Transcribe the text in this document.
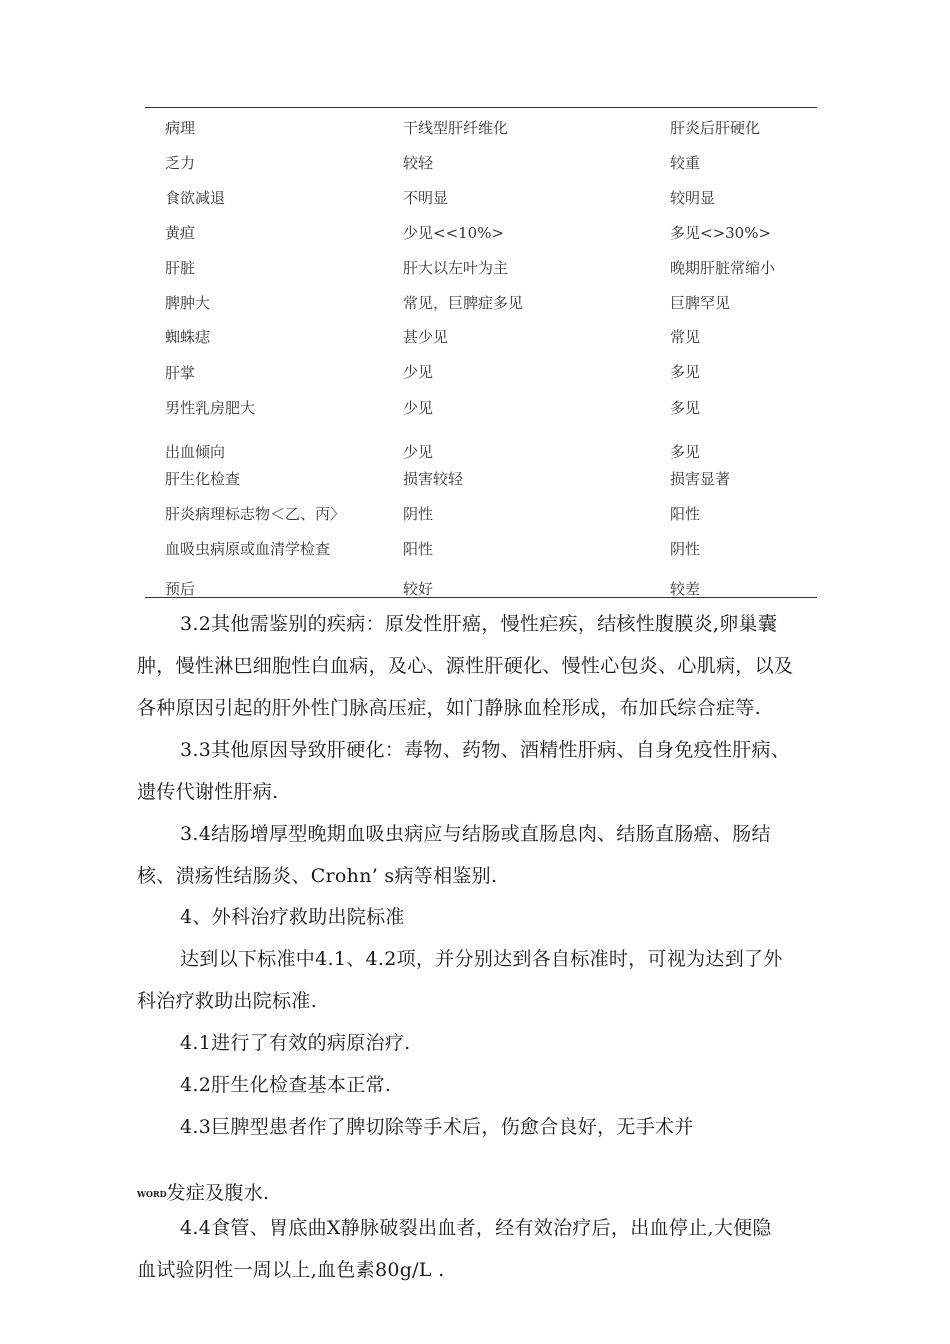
病理	干线型肝纤维化	肝炎后肝硬化
乏力	较轻	较重
食欲减退	不明显	较明显
黄疸	少见<<10%>	多见<>30%>
肝脏	肝大以左叶为主	晚期肝脏常缩小
脾肿大	常见，巨脾症多见	巨脾罕见
蜘蛛痣	甚少见	常见
肝掌	少见	多见
男性乳房肥大	少见	多见
出血倾向	少见	多见
肝生化检查	损害较轻	损害显著
肝炎病理标志物＜乙、丙〉	阴性	阳性
血吸虫病原或血清学检查	阳性	阴性
预后	较好	较差
3.2其他需鉴别的疾病：原发性肝癌，慢性疟疾，结核性腹膜炎,卵巢囊
肿，慢性淋巴细胞性白血病，及心、源性肝硬化、慢性心包炎、心肌病，以及
各种原因引起的肝外性门脉高压症，如门静脉血栓形成，布加氏综合症等.
3.3其他原因导致肝硬化：毒物、药物、酒精性肝病、自身免疫性肝病、
遗传代谢性肝病.
3.4结肠增厚型晚期血吸虫病应与结肠或直肠息肉、结肠直肠癌、肠结
核、溃疡性结肠炎、Crohn’ s病等相鉴别.
4、外科治疗救助出院标准
达到以下标准中4.1、4.2项，并分别达到各自标准时，可视为达到了外
科治疗救助出院标准.
4.1进行了有效的病原治疗.
4.2肝生化检查基本正常.
4.3巨脾型患者作了脾切除等手术后，伤愈合良好，无手术并
WORD发症及腹水.
4.4食管、胃底曲Ⅹ静脉破裂出血者，经有效治疗后，出血停止,大便隐
血试验阴性一周以上,血色素80g/L .
